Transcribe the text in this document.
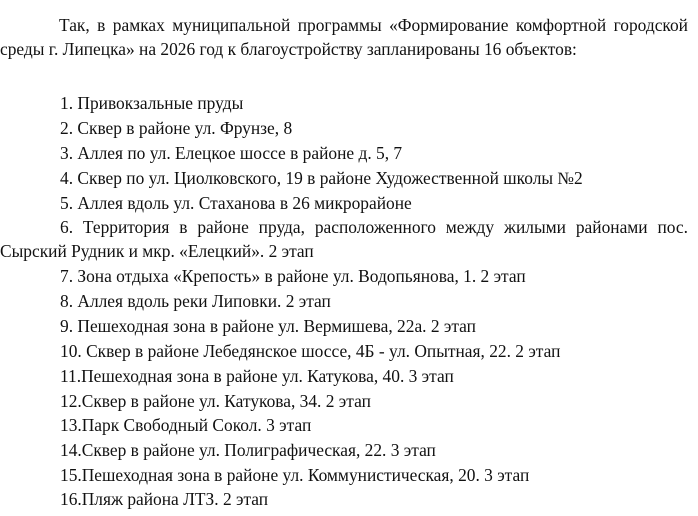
Так, в рамках муниципальной программы «Формирование комфортной городской среды г. Липецка» на 2026 год к благоустройству запланированы 16 объектов:

1. Привокзальные пруды

2. Сквер в районе ул. Фрунзе, 8

3. Аллея по ул. Елецкое шоссе в районе д. 5, 7

4. Сквер по ул. Циолковского, 19 в районе Художественной школы №2

5. Аллея вдоль ул. Стаханова в 26 микрорайоне

6. Территория в районе пруда, расположенного между жилыми районами пос. Сырский Рудник и мкр. «Елецкий». 2 этап

7. Зона отдыха «Крепость» в районе ул. Водопьянова, 1. 2 этап

8. Аллея вдоль реки Липовки. 2 этап

9. Пешеходная зона в районе ул. Вермишева, 22а. 2 этап

10. Сквер в районе Лебедянское шоссе, 4Б - ул. Опытная, 22. 2 этап

11.Пешеходная зона в районе ул. Катукова, 40. 3 этап

12.Сквер в районе ул. Катукова, 34. 2 этап

13.Парк Свободный Сокол. 3 этап

14.Сквер в районе ул. Полиграфическая, 22. 3 этап

15.Пешеходная зона в районе ул. Коммунистическая, 20. 3 этап

16.Пляж района ЛТЗ. 2 этап
